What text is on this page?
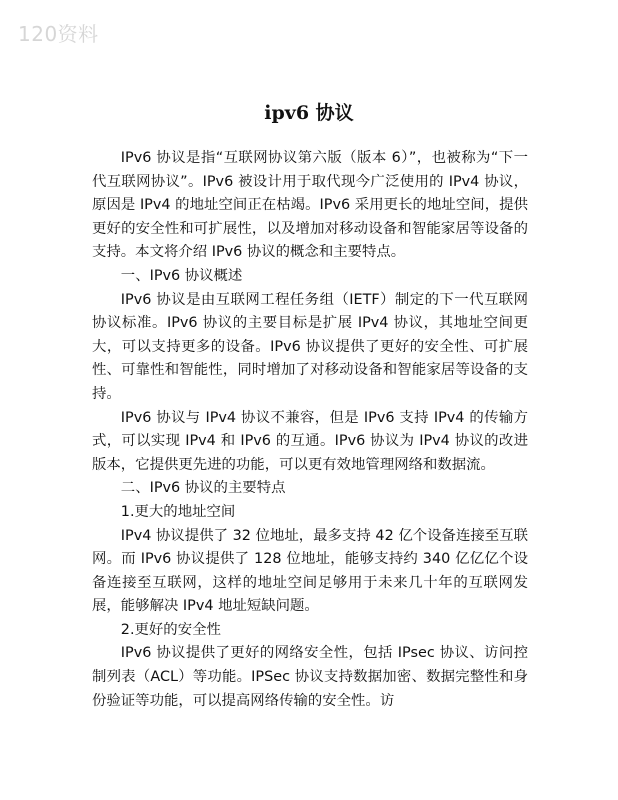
120资料
ipv6 协议

IPv6 协议是指“互联网协议第六版（版本 6）”，也被称为“下一代互联网协议”。IPv6 被设计用于取代现今广泛使用的 IPv4 协议，原因是 IPv4 的地址空间正在枯竭。IPv6 采用更长的地址空间，提供更好的安全性和可扩展性，以及增加对移动设备和智能家居等设备的支持。本文将介绍 IPv6 协议的概念和主要特点。

一、IPv6 协议概述

IPv6 协议是由互联网工程任务组（IETF）制定的下一代互联网协议标准。IPv6 协议的主要目标是扩展 IPv4 协议，其地址空间更大，可以支持更多的设备。IPv6 协议提供了更好的安全性、可扩展性、可靠性和智能性，同时增加了对移动设备和智能家居等设备的支持。

IPv6 协议与 IPv4 协议不兼容，但是 IPv6 支持 IPv4 的传输方式，可以实现 IPv4 和 IPv6 的互通。IPv6 协议为 IPv4 协议的改进版本，它提供更先进的功能，可以更有效地管理网络和数据流。

二、IPv6 协议的主要特点

1.更大的地址空间

IPv4 协议提供了 32 位地址，最多支持 42 亿个设备连接至互联网。而 IPv6 协议提供了 128 位地址，能够支持约 340 亿亿亿个设备连接至互联网，这样的地址空间足够用于未来几十年的互联网发展，能够解决 IPv4 地址短缺问题。

2.更好的安全性

IPv6 协议提供了更好的网络安全性，包括 IPsec 协议、访问控制列表（ACL）等功能。IPSec 协议支持数据加密、数据完整性和身份验证等功能，可以提高网络传输的安全性。访
